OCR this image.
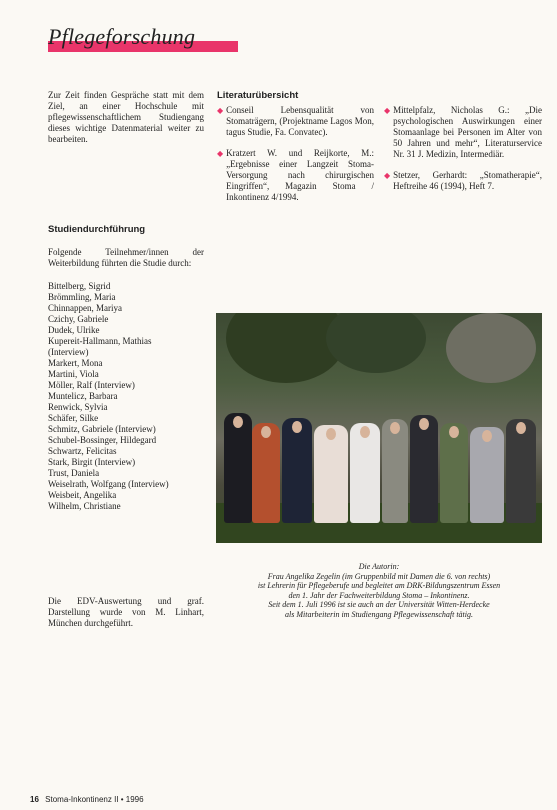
Pflegeforschung
Zur Zeit finden Gespräche statt mit dem Ziel, an einer Hochschule mit pflegewissenschaftlichem Studiengang dieses wichtige Datenmaterial weiter zu bearbeiten.
Literaturübersicht
◆ Conseil Lebensqualität von Stomaträgern, (Projektname Lagos Mon, tagus Studie, Fa. Convatec).
◆ Kratzert W. und Reijkorte, M.: „Ergebnisse einer Langzeit Stoma-Versorgung nach chirurgischen Eingriffen“, Magazin Stoma / Inkontinenz 4/1994.
◆ Mittelpfalz, Nicholas G.: „Die psychologischen Auswirkungen einer Stomaanlage bei Personen im Alter von 50 Jahren und mehr“, Literaturservice Nr. 31 J. Medizin, Intermediär.
◆ Stetzer, Gerhardt: „Stomatherapie“, Heftreihe 46 (1994), Heft 7.
Studiendurchführung
Folgende Teilnehmer/innen der Weiterbildung führten die Studie durch:
Bittelberg, Sigrid
Brömmling, Maria
Chinnappen, Mariya
Czichy, Gabriele
Dudek, Ulrike
Kupereit-Hallmann, Mathias
(Interview)
Markert, Mona
Martini, Viola
Möller, Ralf (Interview)
Muntelicz, Barbara
Renwick, Sylvia
Schäfer, Silke
Schmitz, Gabriele (Interview)
Schubel-Bossinger, Hildegard
Schwartz, Felicitas
Stark, Birgit (Interview)
Trust, Daniela
Weiselrath, Wolfgang (Interview)
Weisbeit, Angelika
Wilhelm, Christiane
Die Autorin:
Frau Angelika Zegelin (im Gruppenbild mit Damen die 6. von rechts)
ist Lehrerin für Pflegeberufe und begleitet am DRK-Bildungszentrum Essen
den 1. Jahr der Fachweiterbildung Stoma – Inkontinenz.
Seit dem 1. Juli 1996 ist sie auch an der Universität Witten-Herdecke
als Mitarbeiterin im Studiengang Pflegewissenschaft tätig.
Die EDV-Auswertung und graf. Darstellung wurde von M. Linhart, München durchgeführt.
16 Stoma-Inkontinenz II • 1996
